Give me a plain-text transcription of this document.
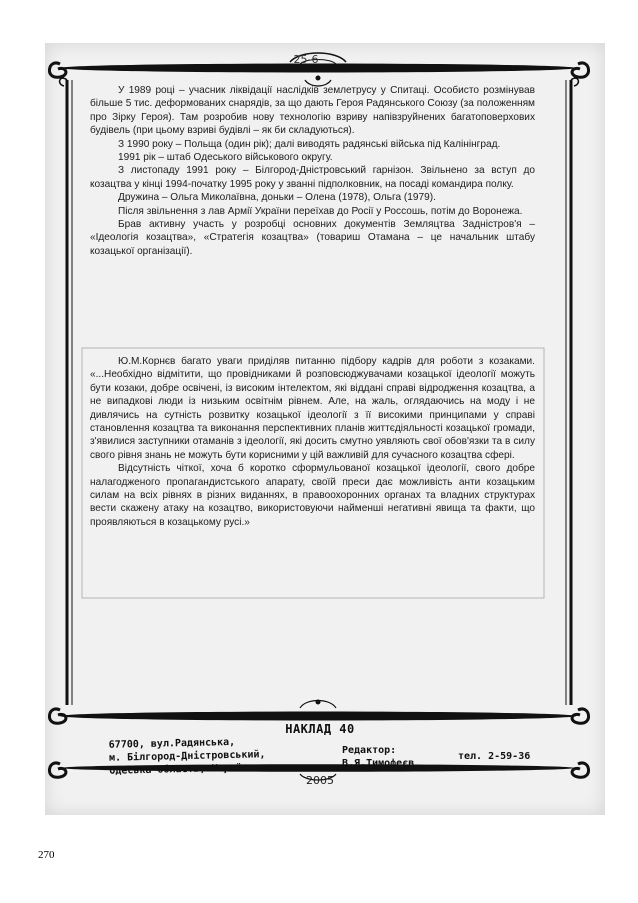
25-6

У 1989 році – учасник ліквідації наслідків землетрусу у Спитаці. Особисто розмінував більше 5 тис. деформованих снарядів, за що дають Героя Радянського Союзу (за положенням про Зірку Героя). Там розробив нову технологію взриву напівзруйнених багатоповерхових будівель (при цьому взриві будівлі – як би складуються).

З 1990 року – Польща (один рік); далі виводять радянські війська під Калінінград.

1991 рік – штаб Одеського військового округу.

З листопаду 1991 року – Білгород-Дністровський гарнізон. Звільнено за вступ до козацтва у кінці 1994-початку 1995 року у званні підполковник, на посаді командира полку.

Дружина – Ольга Миколаївна, доньки – Олена (1978), Ольга (1979).

Після звільнення з лав Армії України переїхав до Росії у Россошь, потім до Воронежа.

Брав активну участь у розробці основних документів Земляцтва Задністров'я – «Ідеологія козацтва», «Стратегія козацтва» (товариш Отамана – це начальник штабу козацької організації).

Ю.М.Корнєв багато уваги приділяв питанню підбору кадрів для роботи з козаками. «...Необхідно відмітити, що провідниками й розповсюджувачами козацької ідеології можуть бути козаки, добре освічені, із високим інтелектом, які віддані справі відродження козацтва, а не випадкові люди із низьким освітнім рівнем. Але, на жаль, оглядаючись на моду і не дивлячись на сутність розвитку козацької ідеології з її високими принципами у справі становлення козацтва та виконання перспективних планів життєдіяльності козацької громади, з'явилися заступники отаманів з ідеології, які досить смутно уявляють свої обов'язки та в силу свого рівня знань не можуть бути корисними у цій важливій для сучасного козацтва сфері.

Відсутність чіткої, хоча б коротко сформульованої козацької ідеології, свого добре налагодженого пропагандистського апарату, своїй преси дає можливість анти козацьким силам на всіх рівнях в різних виданнях, в правоохоронних органах та владних структурах вести скажену атаку на козацтво, використовуючи найменші негативні явища та факти, що проявляються в козацькому русі.»

НАКЛАД 40
67700, вул.Радянська,
м. Білгород-Дністровський,
Одеська область, Україна.
Редактор:
В.Я.Тимофеєв
тел. 2-59-36
2005
270
